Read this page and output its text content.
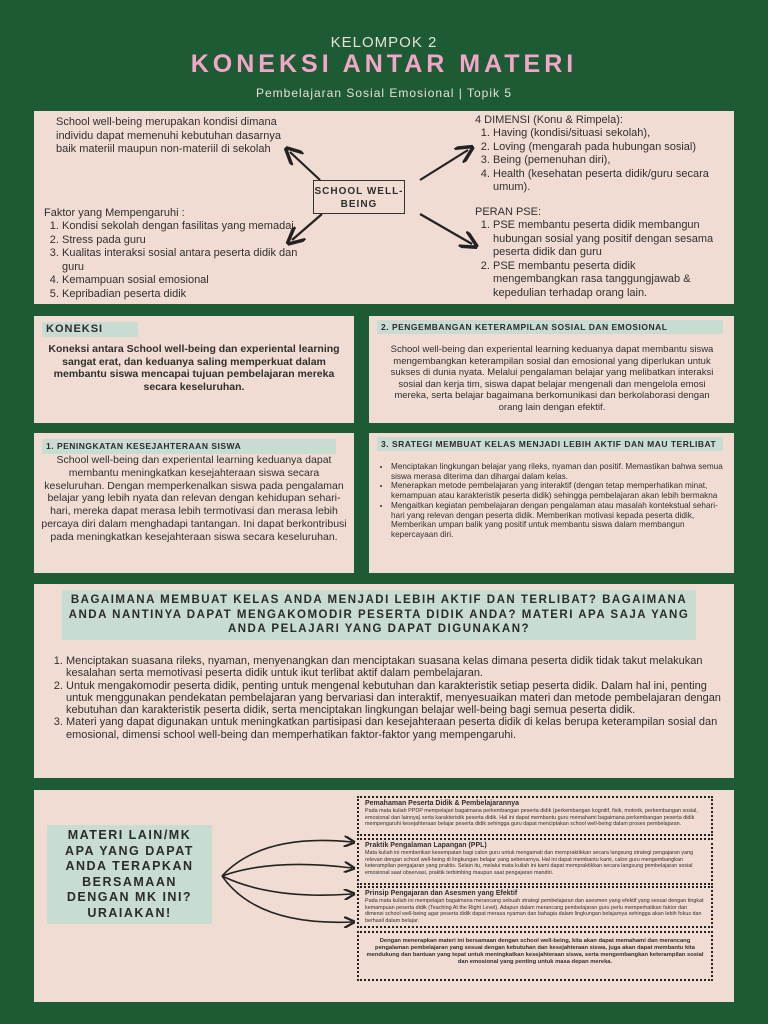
KELOMPOK 2
KONEKSI ANTAR MATERI
Pembelajaran Sosial Emosional | Topik 5
School well-being merupakan kondisi dimana individu dapat memenuhi kebutuhan dasarnya baik materiil maupun non-materiil di sekolah
Faktor yang Mempengaruhi :
1. Kondisi sekolah dengan fasilitas yang memadai.
2. Stress pada guru
3. Kualitas interaksi sosial antara peserta didik dan guru
4. Kemampuan sosial emosional
5. Kepribadian peserta didik
4 DIMENSI (Konu & Rimpela):
1. Having (kondisi/situasi sekolah),
2. Loving (mengarah pada hubungan sosial)
3. Being (pemenuhan diri),
4. Health (kesehatan peserta didik/guru secara umum).
PERAN PSE:
1. PSE membantu peserta didik membangun hubungan sosial yang positif dengan sesama peserta didik dan guru
2. PSE membantu peserta didik mengembangkan rasa tanggungjawab & kepedulian terhadap orang lain.
SCHOOL WELL-BEING
KONEKSI
Koneksi antara School well-being dan experiental learning sangat erat, dan keduanya saling memperkuat dalam membantu siswa mencapai tujuan pembelajaran mereka secara keseluruhan.
2. PENGEMBANGAN KETERAMPILAN SOSIAL DAN EMOSIONAL
School well-being dan experiental learning keduanya dapat membantu siswa mengembangkan keterampilan sosial dan emosional yang diperlukan untuk sukses di dunia nyata. Melalui pengalaman belajar yang melibatkan interaksi sosial dan kerja tim, siswa dapat belajar mengenali dan mengelola emosi mereka, serta belajar bagaimana berkomunikasi dan berkolaborasi dengan orang lain dengan efektif.
1. PENINGKATAN KESEJAHTERAAN SISWA
School well-being dan experiental learning keduanya dapat membantu meningkatkan kesejahteraan siswa secara keseluruhan. Dengan memperkenalkan siswa pada pengalaman belajar yang lebih nyata dan relevan dengan kehidupan sehari-hari, mereka dapat merasa lebih termotivasi dan merasa lebih percaya diri dalam menghadapi tantangan. Ini dapat berkontribusi pada meningkatkan kesejahteraan siswa secara keseluruhan.
3. SRATEGI MEMBUAT KELAS MENJADI LEBIH AKTIF DAN MAU TERLIBAT
• Menciptakan lingkungan belajar yang rileks, nyaman dan positif. Memastikan bahwa semua siswa merasa diterima dan dihargai dalam kelas.
• Menerapkan metode pembelajaran yang interaktif (dengan tetap memperhatikan minat, kemampuan atau karakteristik peserta didik) sehingga pembelajaran akan lebih bermakna
• Mengaitkan kegiatan pembelajaran dengan pengalaman atau masalah kontekstual sehari- hari yang relevan dengan peserta didik. Memberikan motivasi kepada peserta didik, Memberikan umpan balik yang positif untuk membantu siswa dalam membangun kepercayaan diri.
BAGAIMANA MEMBUAT KELAS ANDA MENJADI LEBIH AKTIF DAN TERLIBAT? BAGAIMANA ANDA NANTINYA DAPAT MENGAKOMODIR PESERTA DIDIK ANDA? MATERI APA SAJA YANG ANDA PELAJARI YANG DAPAT DIGUNAKAN?
1. Menciptakan suasana rileks, nyaman, menyenangkan dan menciptakan suasana kelas dimana peserta didik tidak takut melakukan kesalahan serta memotivasi peserta didik untuk ikut terlibat aktif dalam pembelajaran.
2. Untuk mengakomodir peserta didik, penting untuk mengenal kebutuhan dan karakteristik setiap peserta didik. Dalam hal ini, penting untuk menggunakan pendekatan pembelajaran yang bervariasi dan interaktif, menyesuaikan materi dan metode pembelajaran dengan kebutuhan dan karakteristik peserta didik, serta menciptakan lingkungan belajar well-being bagi semua peserta didik.
3. Materi yang dapat digunakan untuk meningkatkan partisipasi dan kesejahteraan peserta didik di kelas berupa keterampilan sosial dan emosional, dimensi school well-being dan memperhatikan faktor-faktor yang mempengaruhi.
MATERI LAIN/MK APA YANG DAPAT ANDA TERAPKAN BERSAMAAN DENGAN MK INI? URAIAKAN!
Pemahaman Peserta Didik & Pembelajarannya
Pada mata kuliah PPDP mempelajari bagaimana perkembangan peserta didik (perkembangan kognitif, fisik, motorik, perkembangan sosial, emosional dan lainnya) serta karakteristik peserta didik. Hal ini dapat membantu guru memahami bagaimana perkembangan peserta didik mempengaruhi kesejahteraan belajar peserta didik sehingga guru dapat menciptakan school well-being dalam proses pembelajaran.
Praktik Pengalaman Lapangan (PPL)
Mata kuliah ini memberikan kesempatan bagi calon guru untuk mengamati dan mempraktikkan secara langsung strategi pengajaran yang relevan dengan school well-being di lingkungan belajar yang sebenarnya. Hal ini dapat membantu kami, calon guru mengembangkan keterampilan pengajaran yang praktis. Selain itu, melalui mata kuliah ini kami dapat mempraktikkan secara langsung pembelajaran sosial emosional saat observasi, praktik terbimbing maupun saat pengajaran mandiri.
Prinsip Pengajaran dan Asesmen yang Efektif
Pada mata kuliah ini mempelajari bagaimana merancang sebuah strategi pembelajaran dan asesmen yang efektif yang sesuai dengan tingkat kemampuan peserta didik (Teaching At the Right Level). Adapun dalam merancang pembelajaran guru perlu memperhatikan faktor dan dimensi school well-being agar peserta didik dapat merasa nyaman dan bahagia dalam lingkungan belajarnya sehingga akan lebih fokus dan berhasil dalam belajar.
Dengan menerapkan materi ini bersamaan dengan school well-being, kita akan dapat memahami dan merancang pengalaman pembelajaran yang sesuai dengan kebutuhan dan kesejahteraan siswa, juga akan dapat membantu kita mendukung dan bantuan yang tepat untuk meningkatkan kesejahteraan siswa, serta mengembangkan keterampilan sosial dan emosional yang penting untuk masa depan mereka.
